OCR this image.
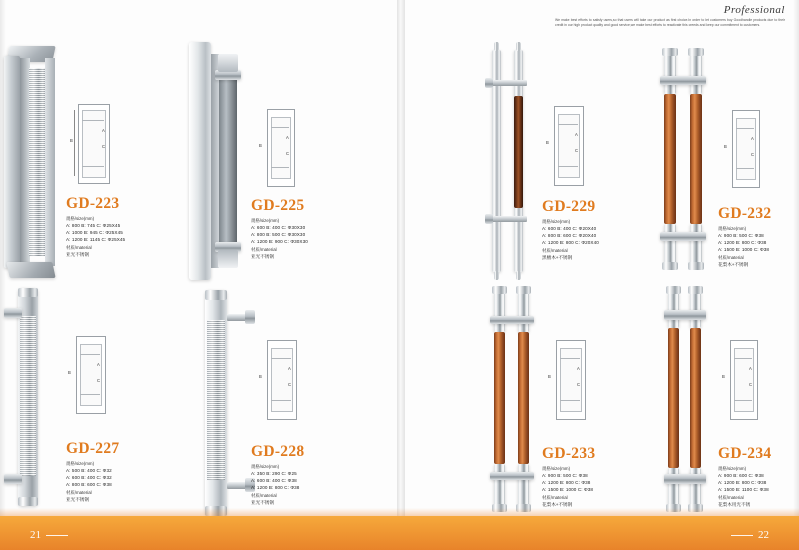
Professional
We make best efforts to satisfy users,so that users will take our product as first choice.In order to let customers buy Goodhandle products due to their credit in our high product quality and good service,we make best efforts to reactivate this creeds and keep our commitment to customers.
B
A
C
GD-223
規格/size(mm)
A: 800 B: 745 C: Φ25X45
A: 1000 B: 945 C: Φ25X45
A: 1200 B: 1145 C: Φ25X45
材质/material
亚光不锈钢
B
A
C
GD-225
規格/size(mm)
A: 600 B: 400 C: Φ30X30
A: 800 B: 500 C: Φ30X30
A: 1200 B: 900 C: Φ30X30
材质/material
亚光不锈钢
B
A
C
GD-229
規格/size(mm)
A: 600 B: 400 C: Φ20X40
A: 800 B: 600 C: Φ20X40
A: 1200 B: 800 C: Φ20X40
材质/material
黑檀木+不锈钢
B
A
C
GD-232
規格/size(mm)
A: 900 B: 500 C: Φ38
A: 1200 B: 800 C: Φ38
A: 1500 B: 1000 C: Φ38
材质/material
花梨木+不锈钢
B
A
C
GD-227
規格/size(mm)
A: 500 B: 400 C: Φ32
A: 600 B: 400 C: Φ32
A: 800 B: 600 C: Φ38
材质/material
亚光不锈钢
B
A
C
GD-228
規格/size(mm)
A: 350 B: 290 C: Φ25
A: 600 B: 400 C: Φ38
A: 1200 B: 800 C: Φ38
材质/material
亚光不锈钢
B
A
C
GD-233
規格/size(mm)
A: 900 B: 500 C: Φ38
A: 1200 B: 800 C: Φ38
A: 1500 B: 1000 C: Φ38
材质/material
花梨木+不锈钢
B
A
C
GD-234
規格/size(mm)
A: 900 B: 600 C: Φ38
A: 1200 B: 800 C: Φ38
A: 1500 B: 1100 C: Φ38
材质/material
花梨木用光不锈
21	22
